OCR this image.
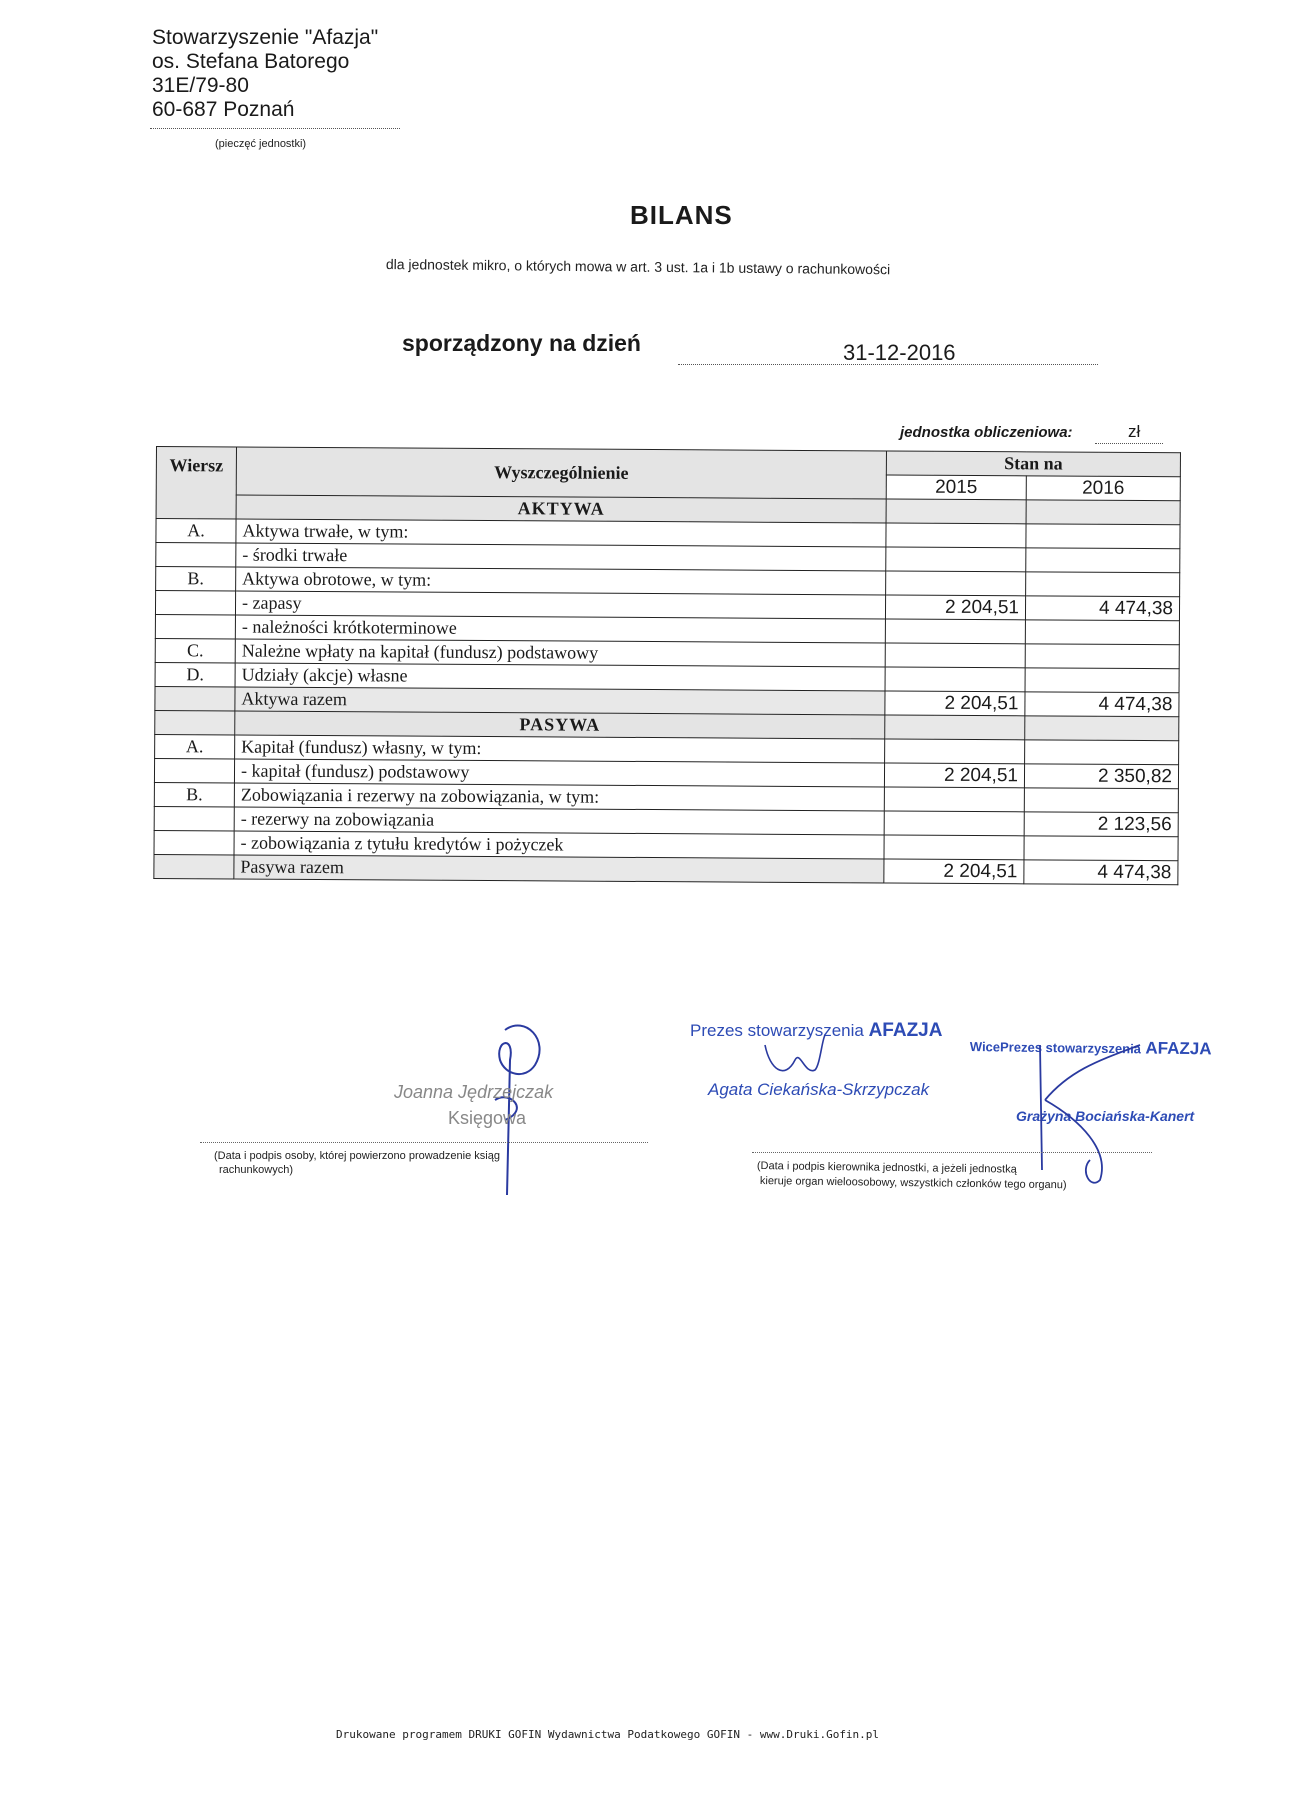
Stowarzyszenie "Afazja"
os. Stefana Batorego
31E/79-80
60-687 Poznań
(pieczęć jednostki)
BILANS
dla jednostek mikro, o których mowa w art. 3 ust. 1a i 1b ustawy o rachunkowości
sporządzony na dzień	31-12-2016
jednostka obliczeniowa:	zł
Wiersz	Wyszczególnienie	Stan na	
		2015	2016
	AKTYWA		
A.	Aktywa trwałe, w tym:		
	- środki trwałe		
B.	Aktywa obrotowe, w tym:		
	- zapasy	2 204,51	4 474,38
	- należności krótkoterminowe		
C.	Należne wpłaty na kapitał (fundusz) podstawowy		
D.	Udziały (akcje) własne		
	Aktywa razem	2 204,51	4 474,38
	PASYWA		
A.	Kapitał (fundusz) własny, w tym:		
	- kapitał (fundusz) podstawowy	2 204,51	2 350,82
B.	Zobowiązania i rezerwy na zobowiązania, w tym:		
	- rezerwy na zobowiązania		2 123,56
	- zobowiązania z tytułu kredytów i pożyczek		
	Pasywa razem	2 204,51	4 474,38
Joanna Jędrzejczak
Księgowa
(Data i podpis osoby, której powierzono prowadzenie ksiąg
rachunkowych)
Prezes stowarzyszenia AFAZJA
Agata Ciekańska-Skrzypczak
WicePrezes stowarzyszenia AFAZJA
Grażyna Bociańska-Kanert
(Data i podpis kierownika jednostki, a jeżeli jednostką
kieruje organ wieloosobowy, wszystkich członków tego organu)
Drukowane programem DRUKI GOFIN Wydawnictwa Podatkowego GOFIN - www.Druki.Gofin.pl
